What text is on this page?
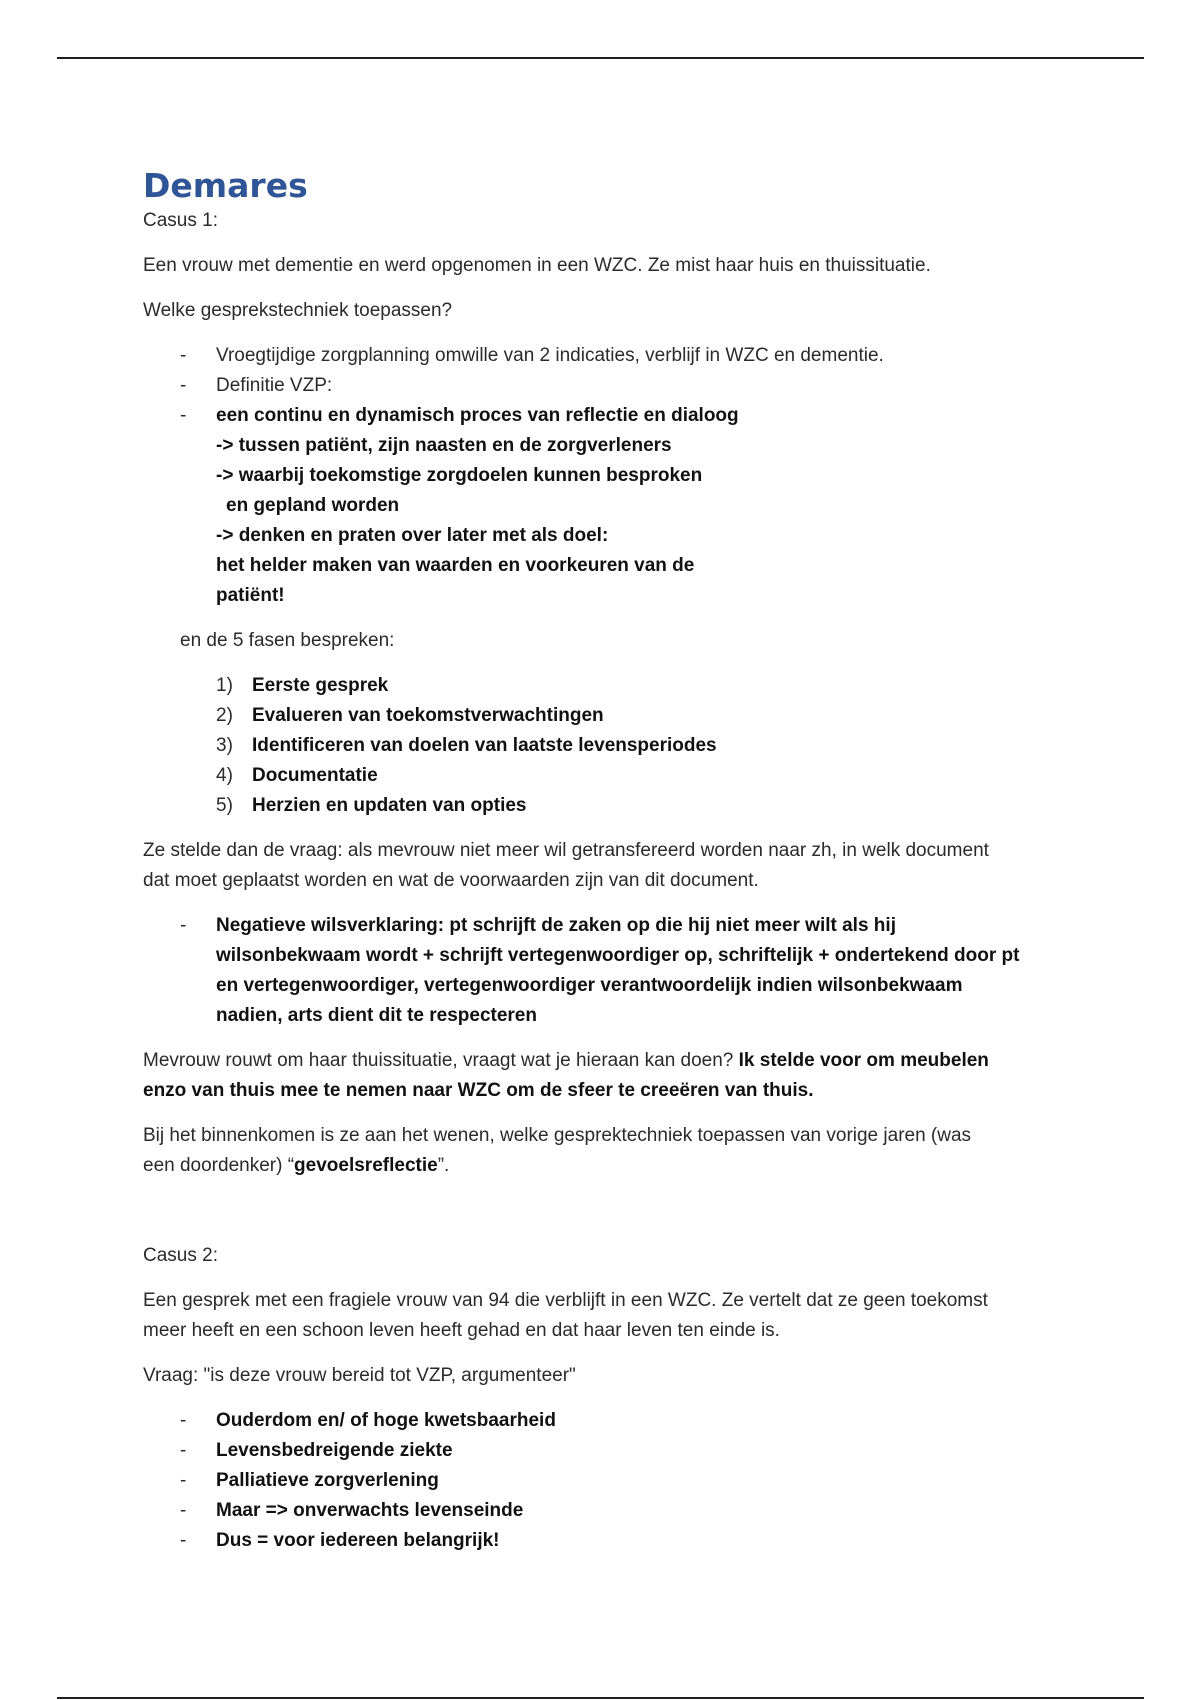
Demares

Casus 1:

Een vrouw met dementie en werd opgenomen in een WZC. Ze mist haar huis en thuissituatie.

Welke gesprekstechniek toepassen?

- Vroegtijdige zorgplanning omwille van 2 indicaties, verblijf in WZC en dementie.
- Definitie VZP:
- een continu en dynamisch proces van reflectie en dialoog
-> tussen patiënt, zijn naasten en de zorgverleners
-> waarbij toekomstige zorgdoelen kunnen besproken
en gepland worden
-> denken en praten over later met als doel:
het helder maken van waarden en voorkeuren van de
patiënt!

en de 5 fasen bespreken:

1) Eerste gesprek
2) Evalueren van toekomstverwachtingen
3) Identificeren van doelen van laatste levensperiodes
4) Documentatie
5) Herzien en updaten van opties

Ze stelde dan de vraag: als mevrouw niet meer wil getransfereerd worden naar zh, in welk document
dat moet geplaatst worden en wat de voorwaarden zijn van dit document.

- Negatieve wilsverklaring: pt schrijft de zaken op die hij niet meer wilt als hij
wilsonbekwaam wordt + schrijft vertegenwoordiger op, schriftelijk + ondertekend door pt
en vertegenwoordiger, vertegenwoordiger verantwoordelijk indien wilsonbekwaam
nadien, arts dient dit te respecteren

Mevrouw rouwt om haar thuissituatie, vraagt wat je hieraan kan doen? Ik stelde voor om meubelen
enzo van thuis mee te nemen naar WZC om de sfeer te creeëren van thuis.

Bij het binnenkomen is ze aan het wenen, welke gesprektechniek toepassen van vorige jaren (was
een doordenker) “gevoelsreflectie”.

Casus 2:

Een gesprek met een fragiele vrouw van 94 die verblijft in een WZC. Ze vertelt dat ze geen toekomst
meer heeft en een schoon leven heeft gehad en dat haar leven ten einde is.

Vraag: "is deze vrouw bereid tot VZP, argumenteer"

- Ouderdom en/ of hoge kwetsbaarheid
- Levensbedreigende ziekte
- Palliatieve zorgverlening
- Maar => onverwachts levenseinde
- Dus = voor iedereen belangrijk!
